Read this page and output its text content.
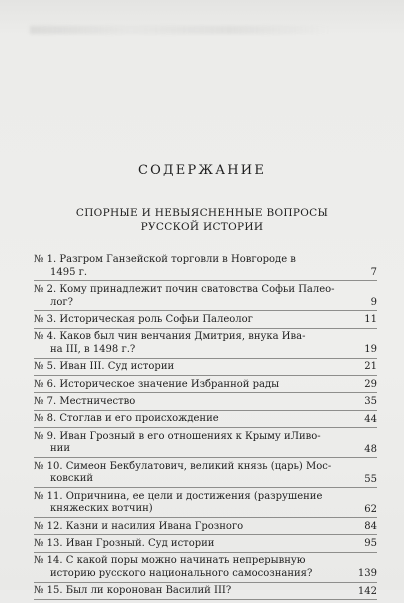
СОДЕРЖАНИЕ
СПОРНЫЕ И НЕВЫЯСНЕННЫЕ ВОПРОСЫ
РУССКОЙ ИСТОРИИ
№ 1. Разгром Ганзейской торговли в Новгороде в
1495 г.	7
№ 2. Кому принадлежит почин сватовства Софьи Палео-
лог?	9
№ 3. Историческая роль Софьи Палеолог	11
№ 4. Каков был чин венчания Дмитрия, внука Ива-
на III, в 1498 г.?	19
№ 5. Иван III. Суд истории	21
№ 6. Историческое значение Избранной рады	29
№ 7. Местничество	35
№ 8. Стоглав и его происхождение	44
№ 9. Иван Грозный в его отношениях к Крыму иЛиво-
нии	48
№ 10. Симеон Бекбулатович, великий князь (царь) Мос-
ковский	55
№ 11. Опричнина, ее цели и достижения (разрушение
княжеских вотчин)	62
№ 12. Казни и насилия Ивана Грозного	84
№ 13. Иван Грозный. Суд истории	95
№ 14. С какой поры можно начинать непрерывную
историю русского национального самосознания?	139
№ 15. Был ли коронован Василий III?	142
